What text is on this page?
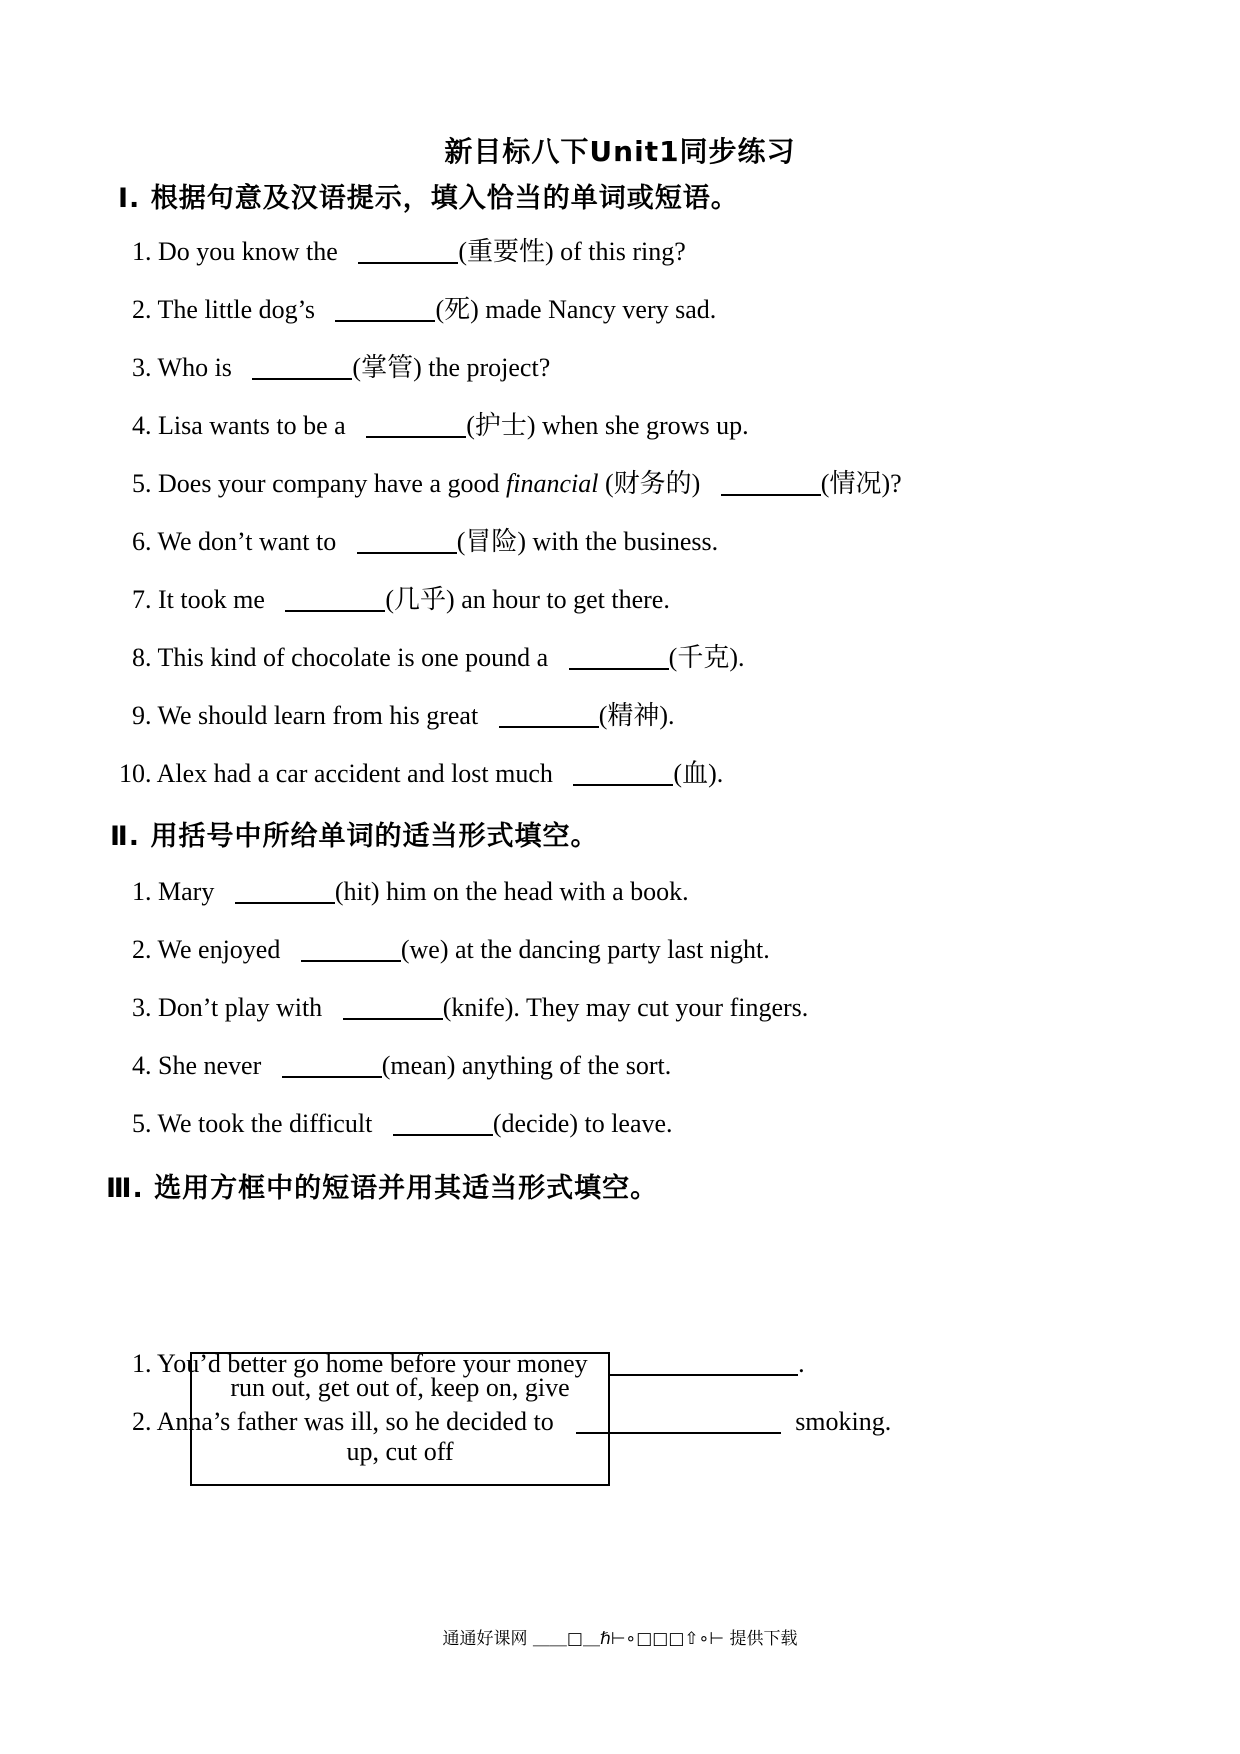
新目标八下Unit1同步练习
Ⅰ. 根据句意及汉语提示，填入恰当的单词或短语。
1. Do you know the	(重要性) of this ring?
2. The little dog’s	(死) made Nancy very sad.
3. Who is	(掌管) the project?
4. Lisa wants to be a	(护士) when she grows up.
5. Does your company have a good financial (财务的)	(情况)?
6. We don’t want to	(冒险) with the business.
7. It took me	(几乎) an hour to get there.
8. This kind of chocolate is one pound a	(千克).
9. We should learn from his great	(精神).
10. Alex had a car accident and lost much	(血).
Ⅱ. 用括号中所给单词的适当形式填空。
1. Mary	(hit) him on the head with a book.
2. We enjoyed	(we) at the dancing party last night.
3. Don’t play with	(knife). They may cut your fingers.
4. She never	(mean) anything of the sort.
5. We took the difficult	(decide) to leave.
Ⅲ. 选用方框中的短语并用其适当形式填空。
run out, get out of, keep on, give
up, cut off
1. You’d better go home before your money	.
2. Anna’s father was ill, so he decided to	smoking.
通通好课网 ＿＿□＿ℏ⊢∘□□□⇧∘⊢ 提供下载
